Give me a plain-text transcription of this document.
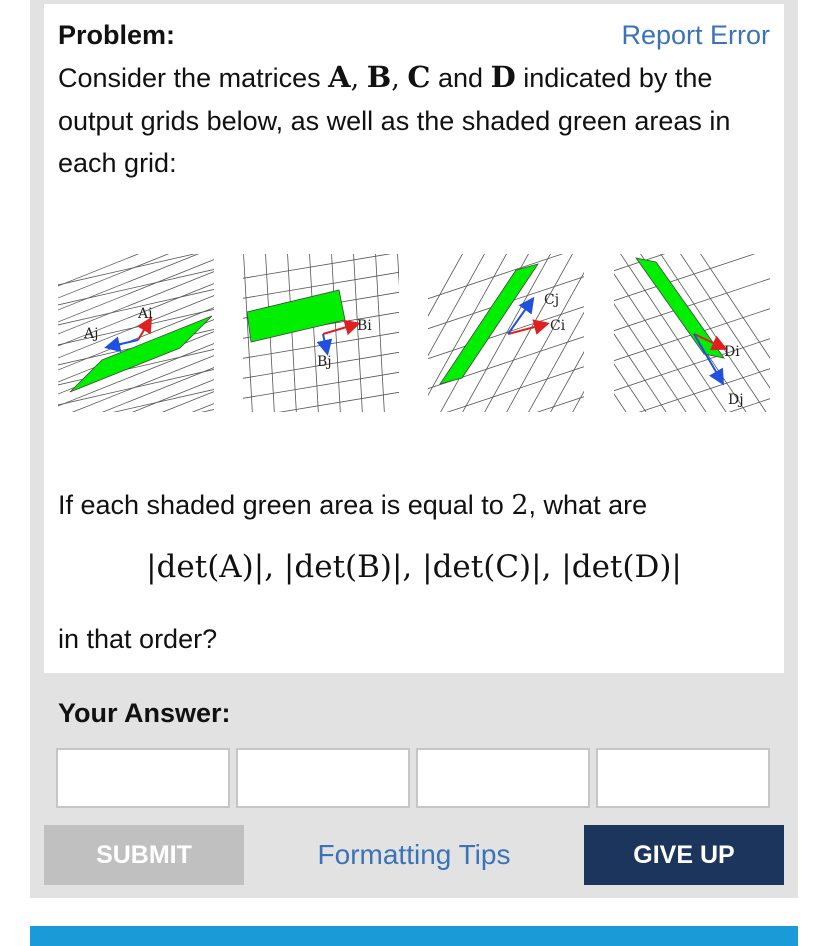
Problem:	Report Error
Consider the matrices A, B, C and D indicated by the output grids below, as well as the shaded green areas in each grid:
Ai
Aj	Bi
Bj
Ci
Cj
Di
Dj
If each shaded green area is equal to 2, what are
|det(A)|, |det(B)|, |det(C)|, |det(D)|
in that order?
Your Answer:
SUBMIT	Formatting Tips	GIVE UP
